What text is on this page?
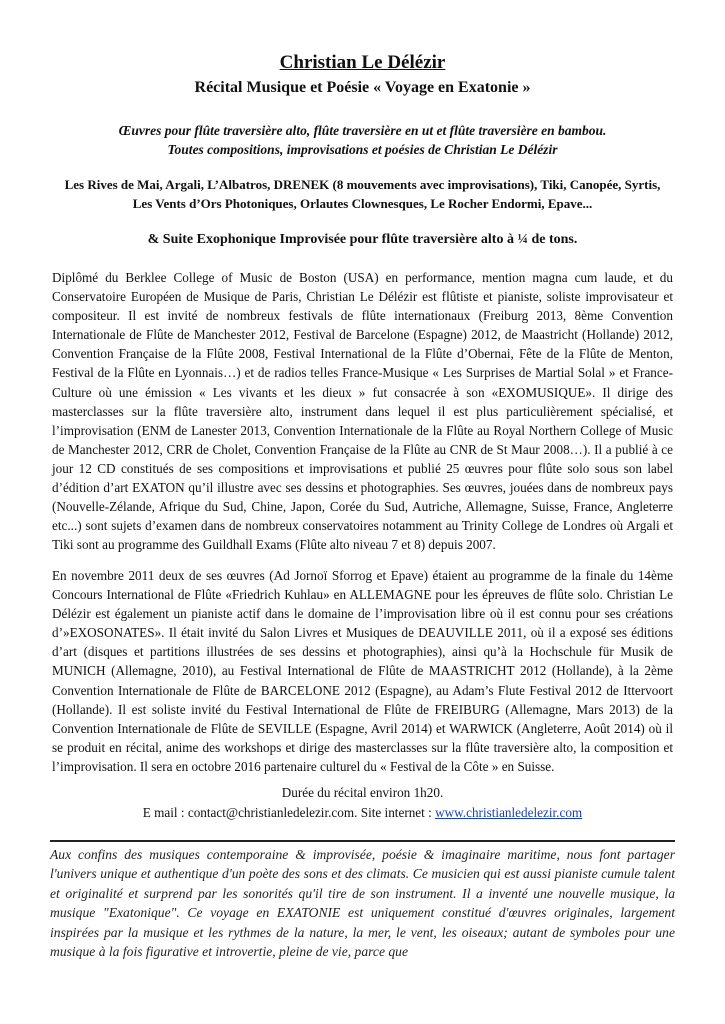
Christian Le Délézir
Récital Musique et Poésie « Voyage en Exatonie »
Œuvres pour flûte traversière alto, flûte traversière en ut et flûte traversière en bambou.
Toutes compositions, improvisations et poésies de Christian Le Délézir
Les Rives de Mai, Argali, L’Albatros, DRENEK (8 mouvements avec improvisations), Tiki, Canopée, Syrtis,
Les Vents d’Ors Photoniques, Orlautes Clownesques, Le Rocher Endormi, Epave...
& Suite Exophonique Improvisée pour flûte traversière alto à ¼ de tons.
Diplômé du Berklee College of Music de Boston (USA) en performance, mention magna cum laude, et du Conservatoire Européen de Musique de Paris, Christian Le Délézir est flûtiste et pianiste, soliste improvisateur et compositeur. Il est invité de nombreux festivals de flûte internationaux (Freiburg 2013, 8ème Convention Internationale de Flûte de Manchester 2012, Festival de Barcelone (Espagne) 2012, de Maastricht (Hollande) 2012, Convention Française de la Flûte 2008, Festival International de la Flûte d’Obernai, Fête de la Flûte de Menton, Festival de la Flûte en Lyonnais…) et de radios telles France-Musique « Les Surprises de Martial Solal » et France-Culture où une émission « Les vivants et les dieux » fut consacrée à son «EXOMUSIQUE». Il dirige des masterclasses sur la flûte traversière alto, instrument dans lequel il est plus particulièrement spécialisé, et l’improvisation (ENM de Lanester 2013, Convention Internationale de la Flûte au Royal Northern College of Music de Manchester 2012, CRR de Cholet, Convention Française de la Flûte au CNR de St Maur 2008…). Il a publié à ce jour 12 CD constitués de ses compositions et improvisations et publié 25 œuvres pour flûte solo sous son label d’édition d’art EXATON qu’il illustre avec ses dessins et photographies. Ses œuvres, jouées dans de nombreux pays (Nouvelle-Zélande, Afrique du Sud, Chine, Japon, Corée du Sud, Autriche, Allemagne, Suisse, France, Angleterre etc...) sont sujets d’examen dans de nombreux conservatoires notamment au Trinity College de Londres où Argali et Tiki sont au programme des Guildhall Exams (Flûte alto niveau 7 et 8) depuis 2007.
En novembre 2011 deux de ses œuvres (Ad Jornoï Sforrog et Epave) étaient au programme de la finale du 14ème Concours International de Flûte «Friedrich Kuhlau» en ALLEMAGNE pour les épreuves de flûte solo. Christian Le Délézir est également un pianiste actif dans le domaine de l’improvisation libre où il est connu pour ses créations d’»EXOSONATES». Il était invité du Salon Livres et Musiques de DEAUVILLE 2011, où il a exposé ses éditions d’art (disques et partitions illustrées de ses dessins et photographies), ainsi qu’à la Hochschule für Musik de MUNICH (Allemagne, 2010), au Festival International de Flûte de MAASTRICHT 2012 (Hollande), à la 2ème Convention Internationale de Flûte de BARCELONE 2012 (Espagne), au Adam’s Flute Festival 2012 de Ittervoort (Hollande). Il est soliste invité du Festival International de Flûte de FREIBURG (Allemagne, Mars 2013) de la Convention Internationale de Flûte de SEVILLE (Espagne, Avril 2014) et WARWICK (Angleterre, Août 2014) où il se produit en récital, anime des workshops et dirige des masterclasses sur la flûte traversière alto, la composition et l’improvisation. Il sera en octobre 2016 partenaire culturel du « Festival de la Côte » en Suisse.
Durée du récital environ 1h20.
E mail : contact@christianledelezir.com. Site internet : www.christianledelezir.com
Aux confins des musiques contemporaine & improvisée, poésie & imaginaire maritime, nous font partager l'univers unique et authentique d'un poète des sons et des climats. Ce musicien qui est aussi pianiste cumule talent et originalité et surprend par les sonorités qu'il tire de son instrument. Il a inventé une nouvelle musique, la musique "Exatonique". Ce voyage en EXATONIE est uniquement constitué d'œuvres originales, largement inspirées par la musique et les rythmes de la nature, la mer, le vent, les oiseaux; autant de symboles pour une musique à la fois figurative et introvertie, pleine de vie, parce que
